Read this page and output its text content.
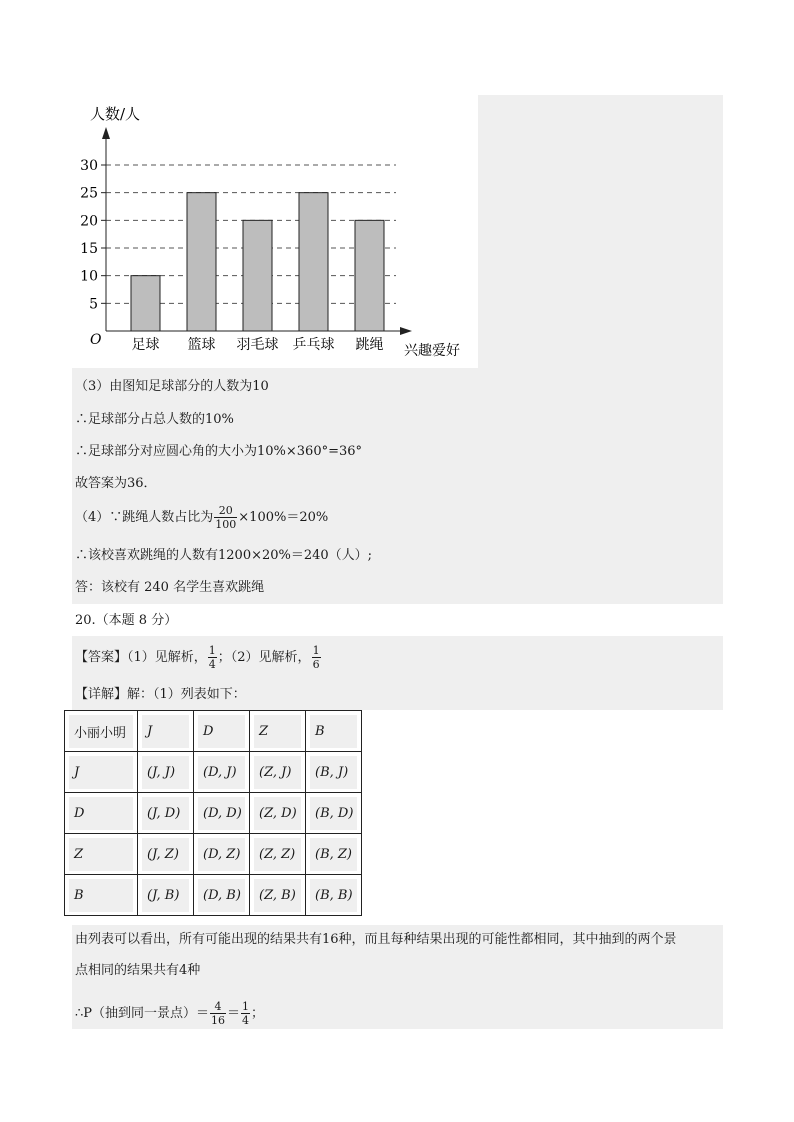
人数/人
兴趣爱好
O
5
10
15
20
25
30
足球 篮球 羽毛球 乒乓球 跳绳
（3）由图知足球部分的人数为10
∴足球部分占总人数的10%
∴足球部分对应圆心角的大小为10%×360°=36°
故答案为36．
（4）∵跳绳人数占比为 $\frac{20}{100} \times 100\%=20\%$
∴该校喜欢跳绳的人数有1200×20%＝240（人）;
答：该校有 240 名学生喜欢跳绳
20.（本题 8 分）
【答案】（1）见解析， $\frac{1}{4}$ ；（2）见解析， $\frac{1}{6}$
【详解】解：（1）列表如下：
小丽小明	J	D	Z	B

J	(J, J)	(D, J)	(Z, J)	(B, J)

D	(J, D)	(D, D)	(Z, D)	(B, D)

Z	(J, Z)	(D, Z)	(Z, Z)	(B, Z)

B	(J, B)	(D, B)	(Z, B)	(B, B)
由列表可以看出，所有可能出现的结果共有16种，而且每种结果出现的可能性都相同，其中抽到的两个景
点相同的结果共有4种
∴P（抽到同一景点）＝ $\frac{4}{16} = \frac{1}{4}$ ；
